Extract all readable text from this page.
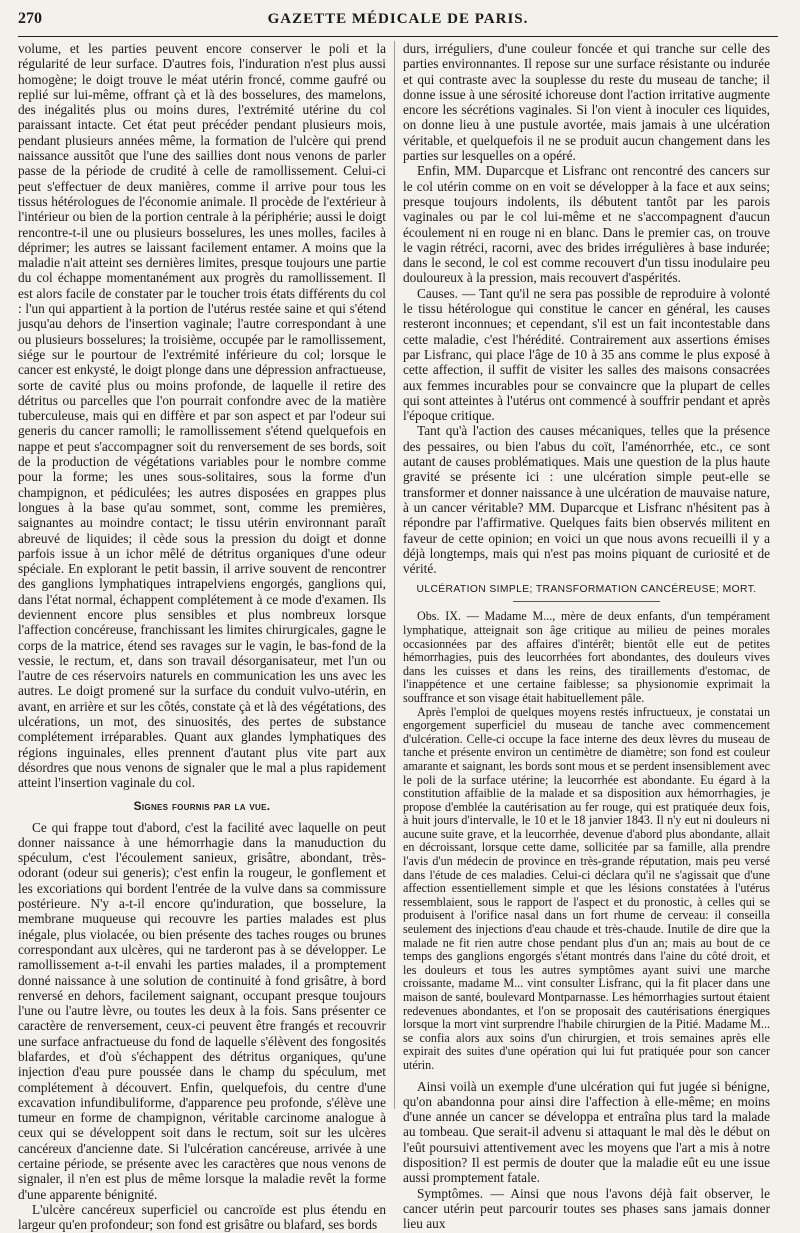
270	GAZETTE MÉDICALE DE PARIS.

volume, et les parties peuvent encore conserver le poli et la régularité de leur surface. D'autres fois, l'induration n'est plus aussi homogène; le doigt trouve le méat utérin froncé, comme gaufré ou replié sur lui-même, offrant çà et là des bosselures, des mamelons, des inégalités plus ou moins dures, l'extrémité utérine du col paraissant intacte. Cet état peut précéder pendant plusieurs mois, pendant plusieurs années même, la formation de l'ulcère qui prend naissance aussitôt que l'une des saillies dont nous venons de parler passe de la période de crudité à celle de ramollissement. Celui-ci peut s'effectuer de deux manières, comme il arrive pour tous les tissus hétérologues de l'économie animale. Il procède de l'extérieur à l'intérieur ou bien de la portion centrale à la périphérie; aussi le doigt rencontre-t-il une ou plusieurs bosselures, les unes molles, faciles à déprimer; les autres se laissant facilement entamer. A moins que la maladie n'ait atteint ses dernières limites, presque toujours une partie du col échappe momentanément aux progrès du ramollissement. Il est alors facile de constater par le toucher trois états différents du col : l'un qui appartient à la portion de l'utérus restée saine et qui s'étend jusqu'au dehors de l'insertion vaginale; l'autre correspondant à une ou plusieurs bosselures; la troisième, occupée par le ramollissement, siége sur le pourtour de l'extrémité inférieure du col; lorsque le cancer est enkysté, le doigt plonge dans une dépression anfractueuse, sorte de cavité plus ou moins profonde, de laquelle il retire des détritus ou parcelles que l'on pourrait confondre avec de la matière tuberculeuse, mais qui en diffère et par son aspect et par l'odeur sui generis du cancer ramolli; le ramollissement s'étend quelquefois en nappe et peut s'accompagner soit du renversement de ses bords, soit de la production de végétations variables pour le nombre comme pour la forme; les unes sous-solitaires, sous la forme d'un champignon, et pédiculées; les autres disposées en grappes plus longues à la base qu'au sommet, sont, comme les premières, saignantes au moindre contact; le tissu utérin environnant paraît abreuvé de liquides; il cède sous la pression du doigt et donne parfois issue à un ichor mêlé de détritus organiques d'une odeur spéciale. En explorant le petit bassin, il arrive souvent de rencontrer des ganglions lymphatiques intrapelviens engorgés, ganglions qui, dans l'état normal, échappent complétement à ce mode d'examen. Ils deviennent encore plus sensibles et plus nombreux lorsque l'affection concéreuse, franchissant les limites chirurgicales, gagne le corps de la matrice, étend ses ravages sur le vagin, le bas-fond de la vessie, le rectum, et, dans son travail désorganisateur, met l'un ou l'autre de ces réservoirs naturels en communication les uns avec les autres. Le doigt promené sur la surface du conduit vulvo-utérin, en avant, en arrière et sur les côtés, constate çà et là des végétations, des ulcérations, un mot, des sinuosités, des pertes de substance complétement irréparables. Quant aux glandes lymphatiques des régions inguinales, elles prennent d'autant plus vite part aux désordres que nous venons de signaler que le mal a plus rapidement atteint l'insertion vaginale du col.

Signes fournis par la vue.

Ce qui frappe tout d'abord, c'est la facilité avec laquelle on peut donner naissance à une hémorrhagie dans la manuduction du spéculum, c'est l'écoulement sanieux, grisâtre, abondant, très-odorant (odeur sui generis); c'est enfin la rougeur, le gonflement et les excoriations qui bordent l'entrée de la vulve dans sa commissure postérieure. N'y a-t-il encore qu'induration, que bosselure, la membrane muqueuse qui recouvre les parties malades est plus inégale, plus violacée, ou bien présente des taches rouges ou brunes correspondant aux ulcères, qui ne tarderont pas à se développer. Le ramollissement a-t-il envahi les parties malades, il a promptement donné naissance à une solution de continuité à fond grisâtre, à bord renversé en dehors, facilement saignant, occupant presque toujours l'une ou l'autre lèvre, ou toutes les deux à la fois. Sans présenter ce caractère de renversement, ceux-ci peuvent être frangés et recouvrir une surface anfractueuse du fond de laquelle s'élèvent des fongosités blafardes, et d'où s'échappent des détritus organiques, qu'une injection d'eau pure poussée dans le champ du spéculum, met complétement à découvert. Enfin, quelquefois, du centre d'une excavation infundibuliforme, d'apparence peu profonde, s'élève une tumeur en forme de champignon, véritable carcinome analogue à ceux qui se développent soit dans le rectum, soit sur les ulcères cancéreux d'ancienne date. Si l'ulcération cancéreuse, arrivée à une certaine période, se présente avec les caractères que nous venons de signaler, il n'en est plus de même lorsque la maladie revêt la forme d'une apparente bénignité.

L'ulcère cancéreux superficiel ou cancroïde est plus étendu en largeur qu'en profondeur; son fond est grisâtre ou blafard, ses bords

durs, irréguliers, d'une couleur foncée et qui tranche sur celle des parties environnantes. Il repose sur une surface résistante ou indurée et qui contraste avec la souplesse du reste du museau de tanche; il donne issue à une sérosité ichoreuse dont l'action irritative augmente encore les sécrétions vaginales. Si l'on vient à inoculer ces liquides, on donne lieu à une pustule avortée, mais jamais à une ulcération véritable, et quelquefois il ne se produit aucun changement dans les parties sur lesquelles on a opéré.

Enfin, MM. Duparcque et Lisfranc ont rencontré des cancers sur le col utérin comme on en voit se développer à la face et aux seins; presque toujours indolents, ils débutent tantôt par les parois vaginales ou par le col lui-même et ne s'accompagnent d'aucun écoulement ni en rouge ni en blanc. Dans le premier cas, on trouve le vagin rétréci, racorni, avec des brides irrégulières à base indurée; dans le second, le col est comme recouvert d'un tissu inodulaire peu douloureux à la pression, mais recouvert d'aspérités.

Causes. — Tant qu'il ne sera pas possible de reproduire à volonté le tissu hétérologue qui constitue le cancer en général, les causes resteront inconnues; et cependant, s'il est un fait incontestable dans cette maladie, c'est l'hérédité. Contrairement aux assertions émises par Lisfranc, qui place l'âge de 10 à 35 ans comme le plus exposé à cette affection, il suffit de visiter les salles des maisons consacrées aux femmes incurables pour se convaincre que la plupart de celles qui sont atteintes à l'utérus ont commencé à souffrir pendant et après l'époque critique.

Tant qu'à l'action des causes mécaniques, telles que la présence des pessaires, ou bien l'abus du coït, l'aménorrhée, etc., ce sont autant de causes problématiques. Mais une question de la plus haute gravité se présente ici : une ulcération simple peut-elle se transformer et donner naissance à une ulcération de mauvaise nature, à un cancer véritable? MM. Duparcque et Lisfranc n'hésitent pas à répondre par l'affirmative. Quelques faits bien observés militent en faveur de cette opinion; en voici un que nous avons recueilli il y a déjà longtemps, mais qui n'est pas moins piquant de curiosité et de vérité.

ULCÉRATION SIMPLE; TRANSFORMATION CANCÉREUSE; MORT.

Obs. IX. — Madame M..., mère de deux enfants, d'un tempérament lymphatique, atteignait son âge critique au milieu de peines morales occasionnées par des affaires d'intérêt; bientôt elle eut de petites hémorrhagies, puis des leucorrhées fort abondantes, des douleurs vives dans les cuisses et dans les reins, des tiraillements d'estomac, de l'inappétence et une certaine faiblesse; sa physionomie exprimait la souffrance et son visage était habituellement pâle.

Après l'emploi de quelques moyens restés infructueux, je constatai un engorgement superficiel du museau de tanche avec commencement d'ulcération. Celle-ci occupe la face interne des deux lèvres du museau de tanche et présente environ un centimètre de diamètre; son fond est couleur amarante et saignant, les bords sont mous et se perdent insensiblement avec le poli de la surface utérine; la leucorrhée est abondante. Eu égard à la constitution affaiblie de la malade et sa disposition aux hémorrhagies, je propose d'emblée la cautérisation au fer rouge, qui est pratiquée deux fois, à huit jours d'intervalle, le 10 et le 18 janvier 1843. Il n'y eut ni douleurs ni aucune suite grave, et la leucorrhée, devenue d'abord plus abondante, allait en décroissant, lorsque cette dame, sollicitée par sa famille, alla prendre l'avis d'un médecin de province en très-grande réputation, mais peu versé dans l'étude de ces maladies. Celui-ci déclara qu'il ne s'agissait que d'une affection essentiellement simple et que les lésions constatées à l'utérus ressemblaient, sous le rapport de l'aspect et du pronostic, à celles qui se produisent à l'orifice nasal dans un fort rhume de cerveau: il conseilla seulement des injections d'eau chaude et très-chaude. Inutile de dire que la malade ne fit rien autre chose pendant plus d'un an; mais au bout de ce temps des ganglions engorgés s'étant montrés dans l'aine du côté droit, et les douleurs et tous les autres symptômes ayant suivi une marche croissante, madame M... vint consulter Lisfranc, qui la fit placer dans une maison de santé, boulevard Montparnasse. Les hémorrhagies surtout étaient redevenues abondantes, et l'on se proposait des cautérisations énergiques lorsque la mort vint surprendre l'habile chirurgien de la Pitié. Madame M... se confia alors aux soins d'un chirurgien, et trois semaines après elle expirait des suites d'une opération qui lui fut pratiquée pour son cancer utérin.

Ainsi voilà un exemple d'une ulcération qui fut jugée si bénigne, qu'on abandonna pour ainsi dire l'affection à elle-même; en moins d'une année un cancer se développa et entraîna plus tard la malade au tombeau. Que serait-il advenu si attaquant le mal dès le début on l'eût poursuivi attentivement avec les moyens que l'art a mis à notre disposition? Il est permis de douter que la maladie eût eu une issue aussi promptement fatale.

Symptômes. — Ainsi que nous l'avons déjà fait observer, le cancer utérin peut parcourir toutes ses phases sans jamais donner lieu aux
